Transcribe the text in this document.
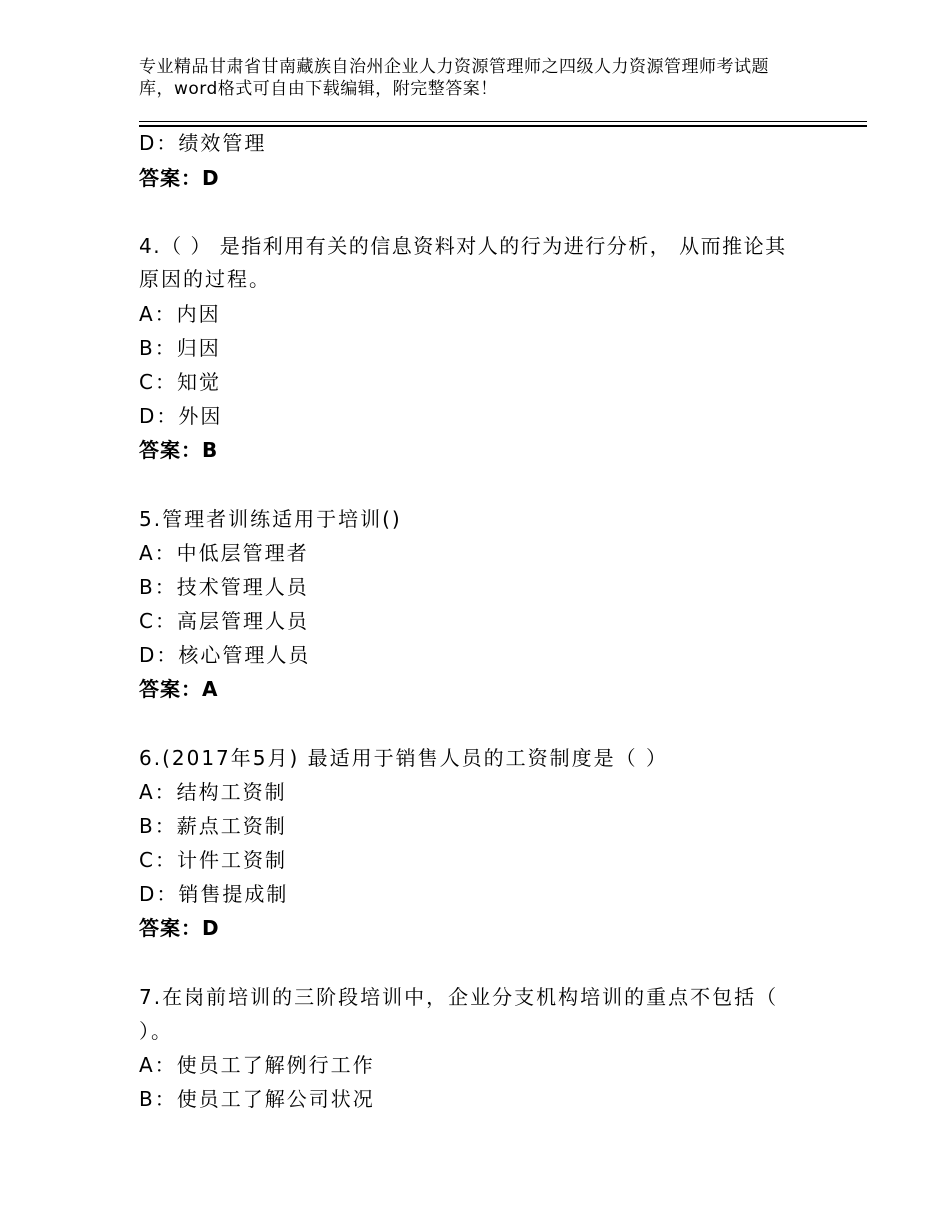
专业精品甘肃省甘南藏族自治州企业人力资源管理师之四级人力资源管理师考试题
库，word格式可自由下载编辑，附完整答案！
D：绩效管理
答案：D
4.（ ） 是指利用有关的信息资料对人的行为进行分析， 从而推论其
原因的过程。
A：内因
B：归因
C：知觉
D：外因
答案：B
5.管理者训练适用于培训()
A：中低层管理者
B：技术管理人员
C：高层管理人员
D：核心管理人员
答案：A
6.(2017年5月) 最适用于销售人员的工资制度是（ ）
A：结构工资制
B：薪点工资制
C：计件工资制
D：销售提成制
答案：D
7.在岗前培训的三阶段培训中，企业分支机构培训的重点不包括（
）。
A：使员工了解例行工作
B：使员工了解公司状况
